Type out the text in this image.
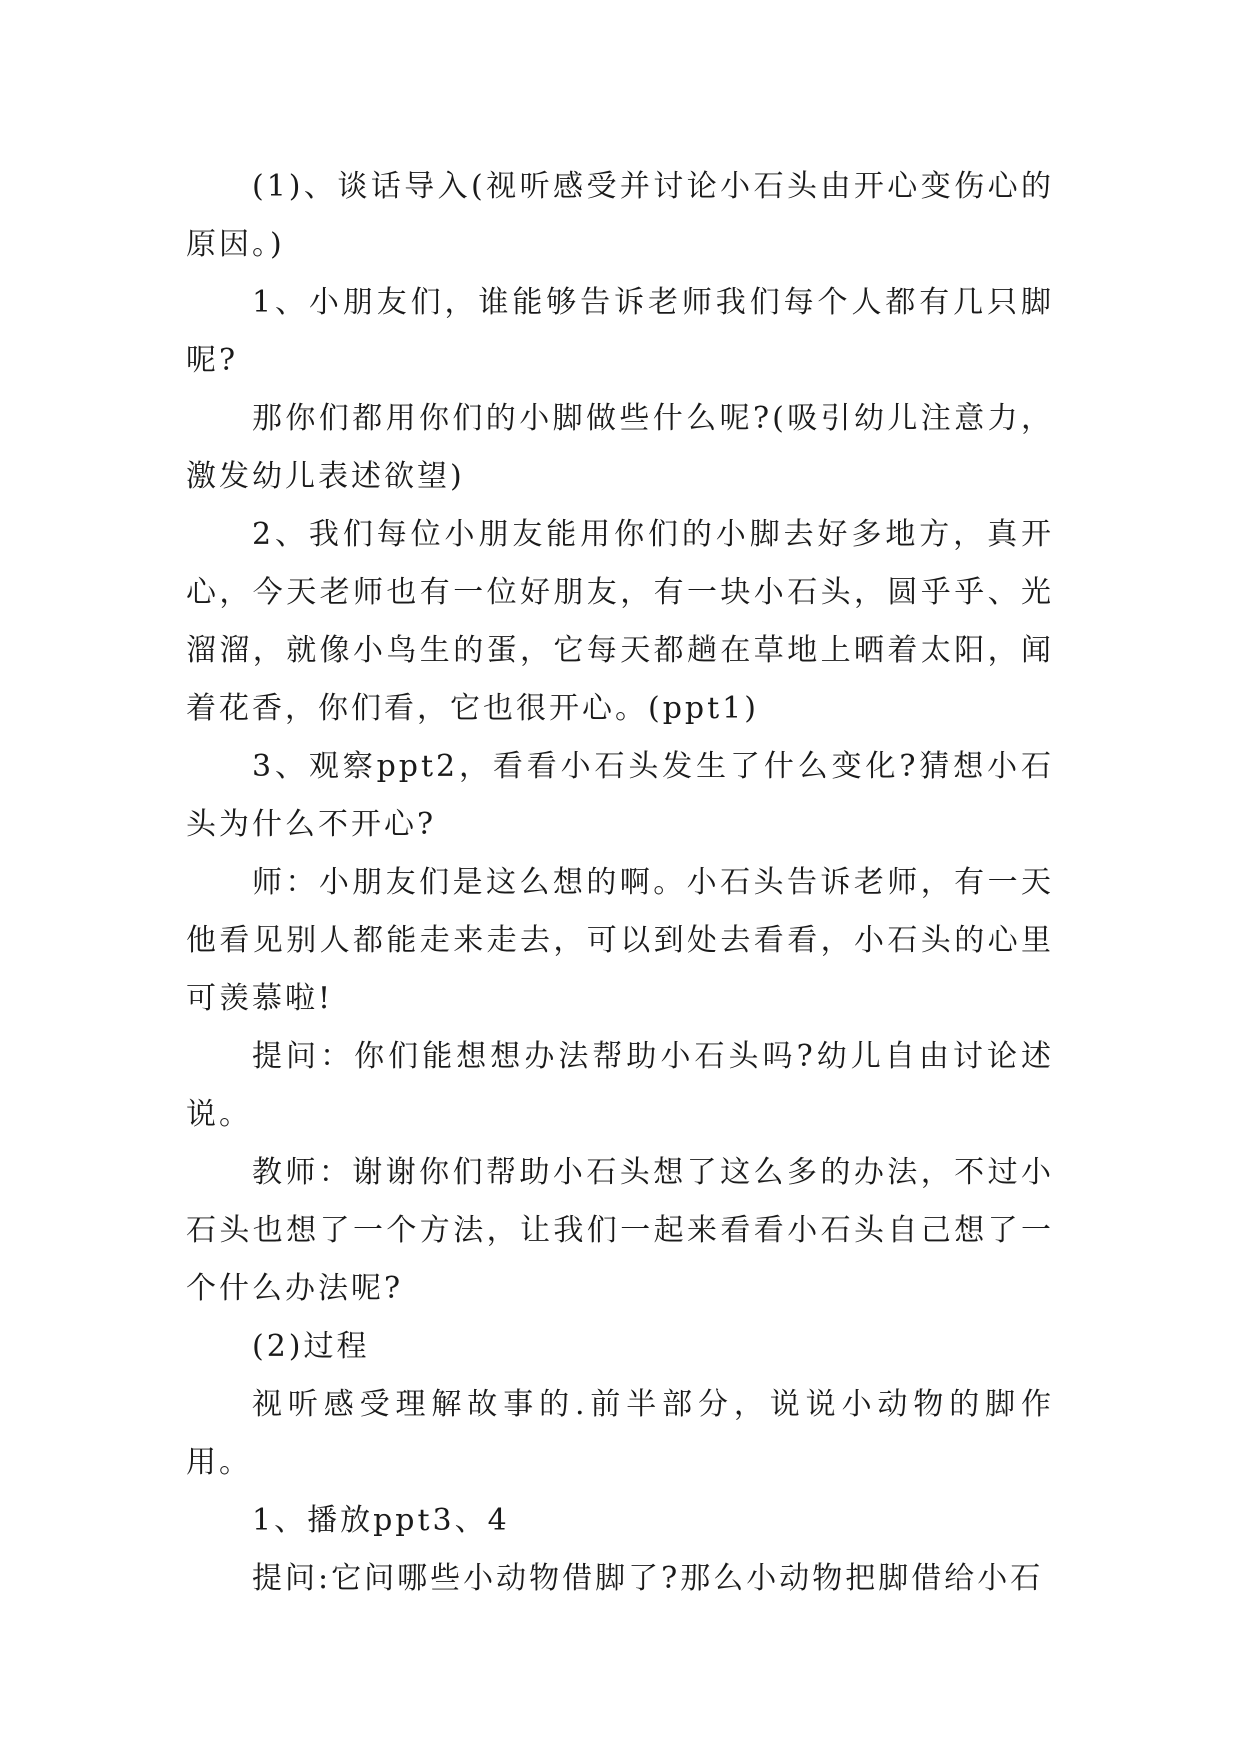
(1)、谈话导入(视听感受并讨论小石头由开心变伤心的原因。)

1、小朋友们，谁能够告诉老师我们每个人都有几只脚呢?

那你们都用你们的小脚做些什么呢?(吸引幼儿注意力，激发幼儿表述欲望)

2、我们每位小朋友能用你们的小脚去好多地方，真开心，今天老师也有一位好朋友，有一块小石头，圆乎乎、光溜溜，就像小鸟生的蛋，它每天都趟在草地上晒着太阳，闻着花香，你们看，它也很开心。(ppt1)

3、观察ppt2，看看小石头发生了什么变化?猜想小石头为什么不开心?

师：小朋友们是这么想的啊。小石头告诉老师，有一天他看见别人都能走来走去，可以到处去看看，小石头的心里可羡慕啦!

提问：你们能想想办法帮助小石头吗?幼儿自由讨论述说。

教师：谢谢你们帮助小石头想了这么多的办法，不过小石头也想了一个方法，让我们一起来看看小石头自己想了一个什么办法呢?

(2)过程

视听感受理解故事的.前半部分，说说小动物的脚作用。

1、播放ppt3、4

提问:它问哪些小动物借脚了?那么小动物把脚借给小石
